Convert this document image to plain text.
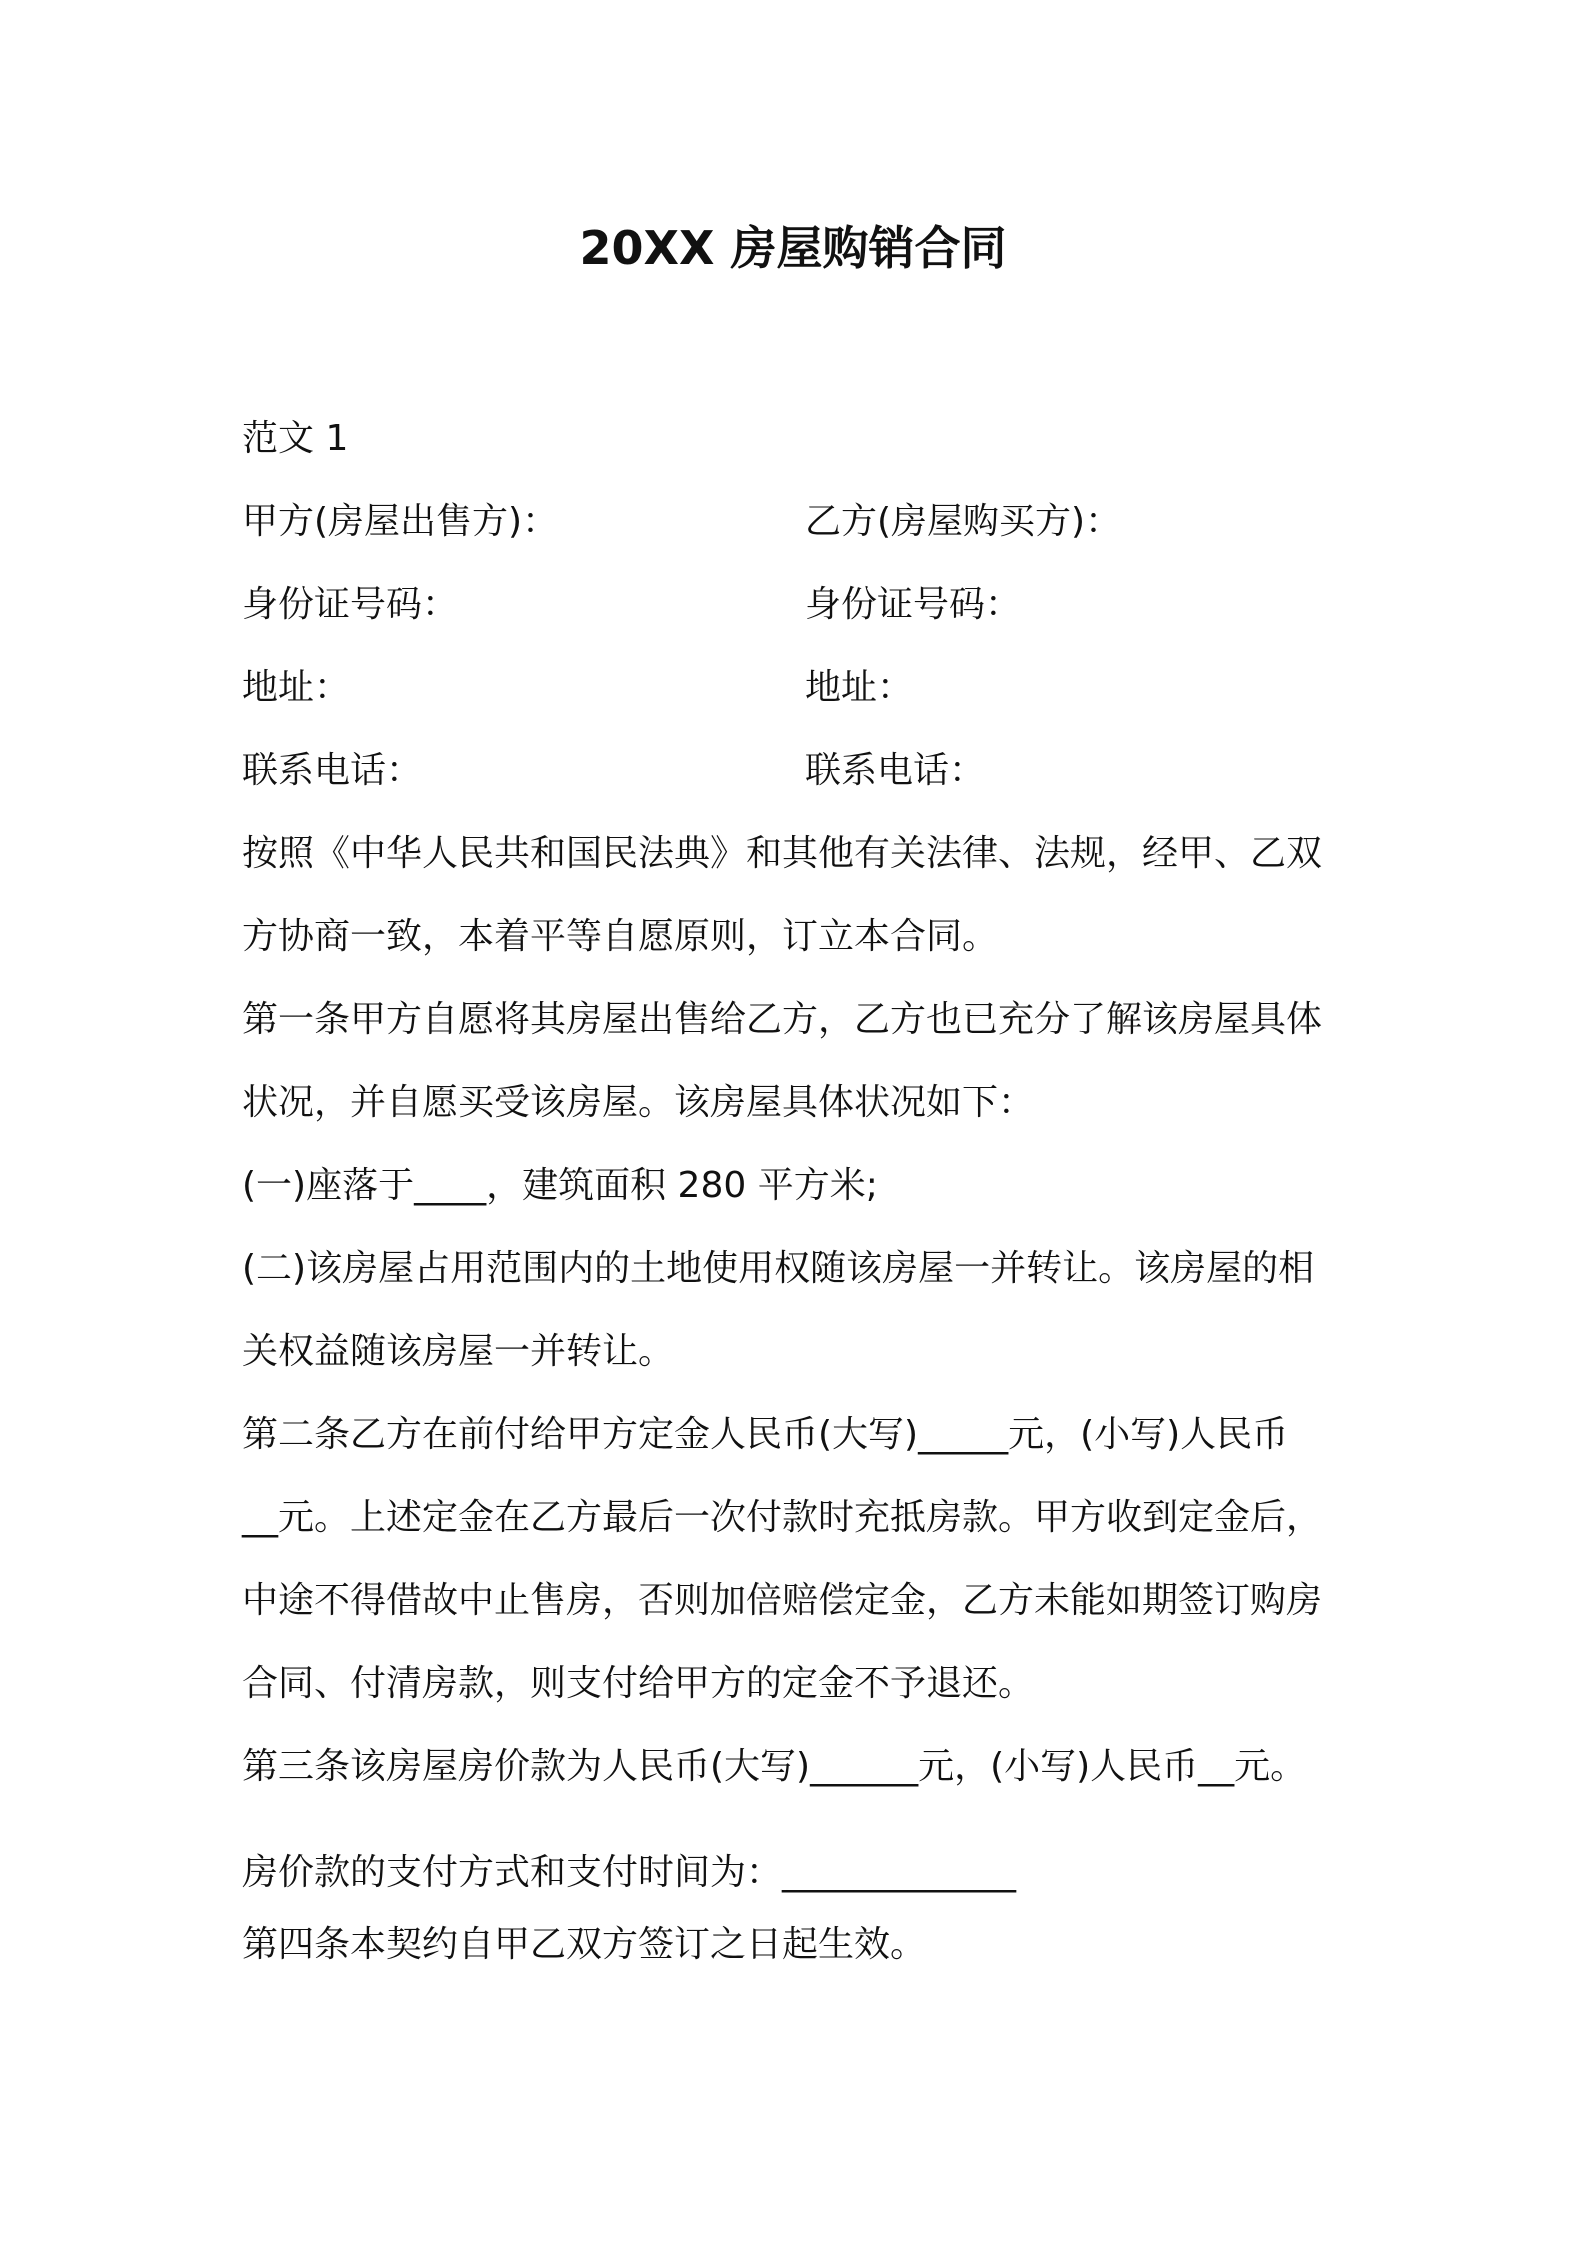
20XX 房屋购销合同
范文 1
甲方(房屋出售方)：	乙方(房屋购买方)：
身份证号码：	身份证号码：
地址：	地址：
联系电话：	联系电话：
按照《中华人民共和国民法典》和其他有关法律、法规，经甲、乙双
方协商一致，本着平等自愿原则，订立本合同。
第一条甲方自愿将其房屋出售给乙方，乙方也已充分了解该房屋具体
状况，并自愿买受该房屋。该房屋具体状况如下：
(一)座落于____，建筑面积 280 平方米;
(二)该房屋占用范围内的土地使用权随该房屋一并转让。该房屋的相
关权益随该房屋一并转让。
第二条乙方在前付给甲方定金人民币(大写)_____元，(小写)人民币
__元。上述定金在乙方最后一次付款时充抵房款。甲方收到定金后，
中途不得借故中止售房，否则加倍赔偿定金，乙方未能如期签订购房
合同、付清房款，则支付给甲方的定金不予退还。
第三条该房屋房价款为人民币(大写)______元，(小写)人民币__元。
房价款的支付方式和支付时间为：_____________
第四条本契约自甲乙双方签订之日起生效。
